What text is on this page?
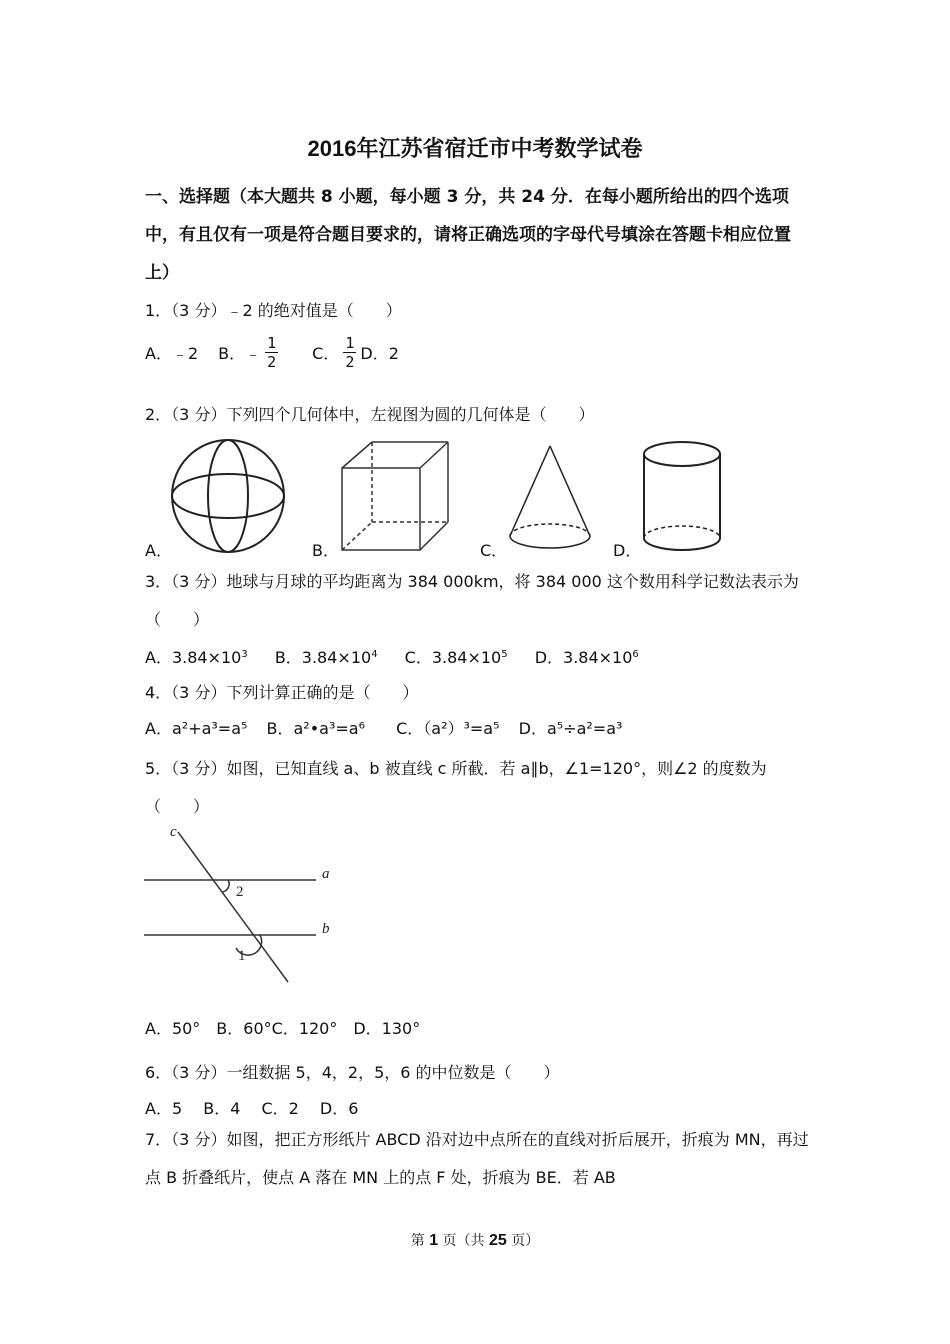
2016年江苏省宿迁市中考数学试卷
一、选择题（本大题共 8 小题，每小题 3 分，共 24 分．在每小题所给出的四个选项中，有且仅有一项是符合题目要求的，请将正确选项的字母代号填涂在答题卡相应位置上）
1．（3 分）﹣2 的绝对值是（　　）
A．﹣2 B．﹣ $\frac{1}{2}$ C． $\frac{1}{2}$ D．2
2．（3 分）下列四个几何体中，左视图为圆的几何体是（　　）
A．	B．	C．	D．
3．（3 分）地球与月球的平均距离为 384 000km，将 384 000 这个数用科学记数法表示为（　　）
A．$3.84\times 10^3$ B．$3.84\times 10^4$ C．$3.84\times 10^5$ D．$3.84\times 10^6$
4．（3 分）下列计算正确的是（　　）
A．a²+a³=a⁵ B．a²•a³=a⁶ C．（a²）³=a⁵ D．a⁵÷a²=a³
5．（3 分）如图，已知直线 a、b 被直线 c 所截．若 a∥b，∠1=120°，则∠2 的度数为（　　）
c
a
b
2
1
A．50°　B．60°C．120°　D．130°
6．（3 分）一组数据 5，4，2，5，6 的中位数是（　　）
A．5　 B．4　 C．2　 D．6
7．（3 分）如图，把正方形纸片 ABCD 沿对边中点所在的直线对折后展开，折痕为 MN，再过点 B 折叠纸片，使点 A 落在 MN 上的点 F 处，折痕为 BE．若 AB
第 1 页（共 25 页）
